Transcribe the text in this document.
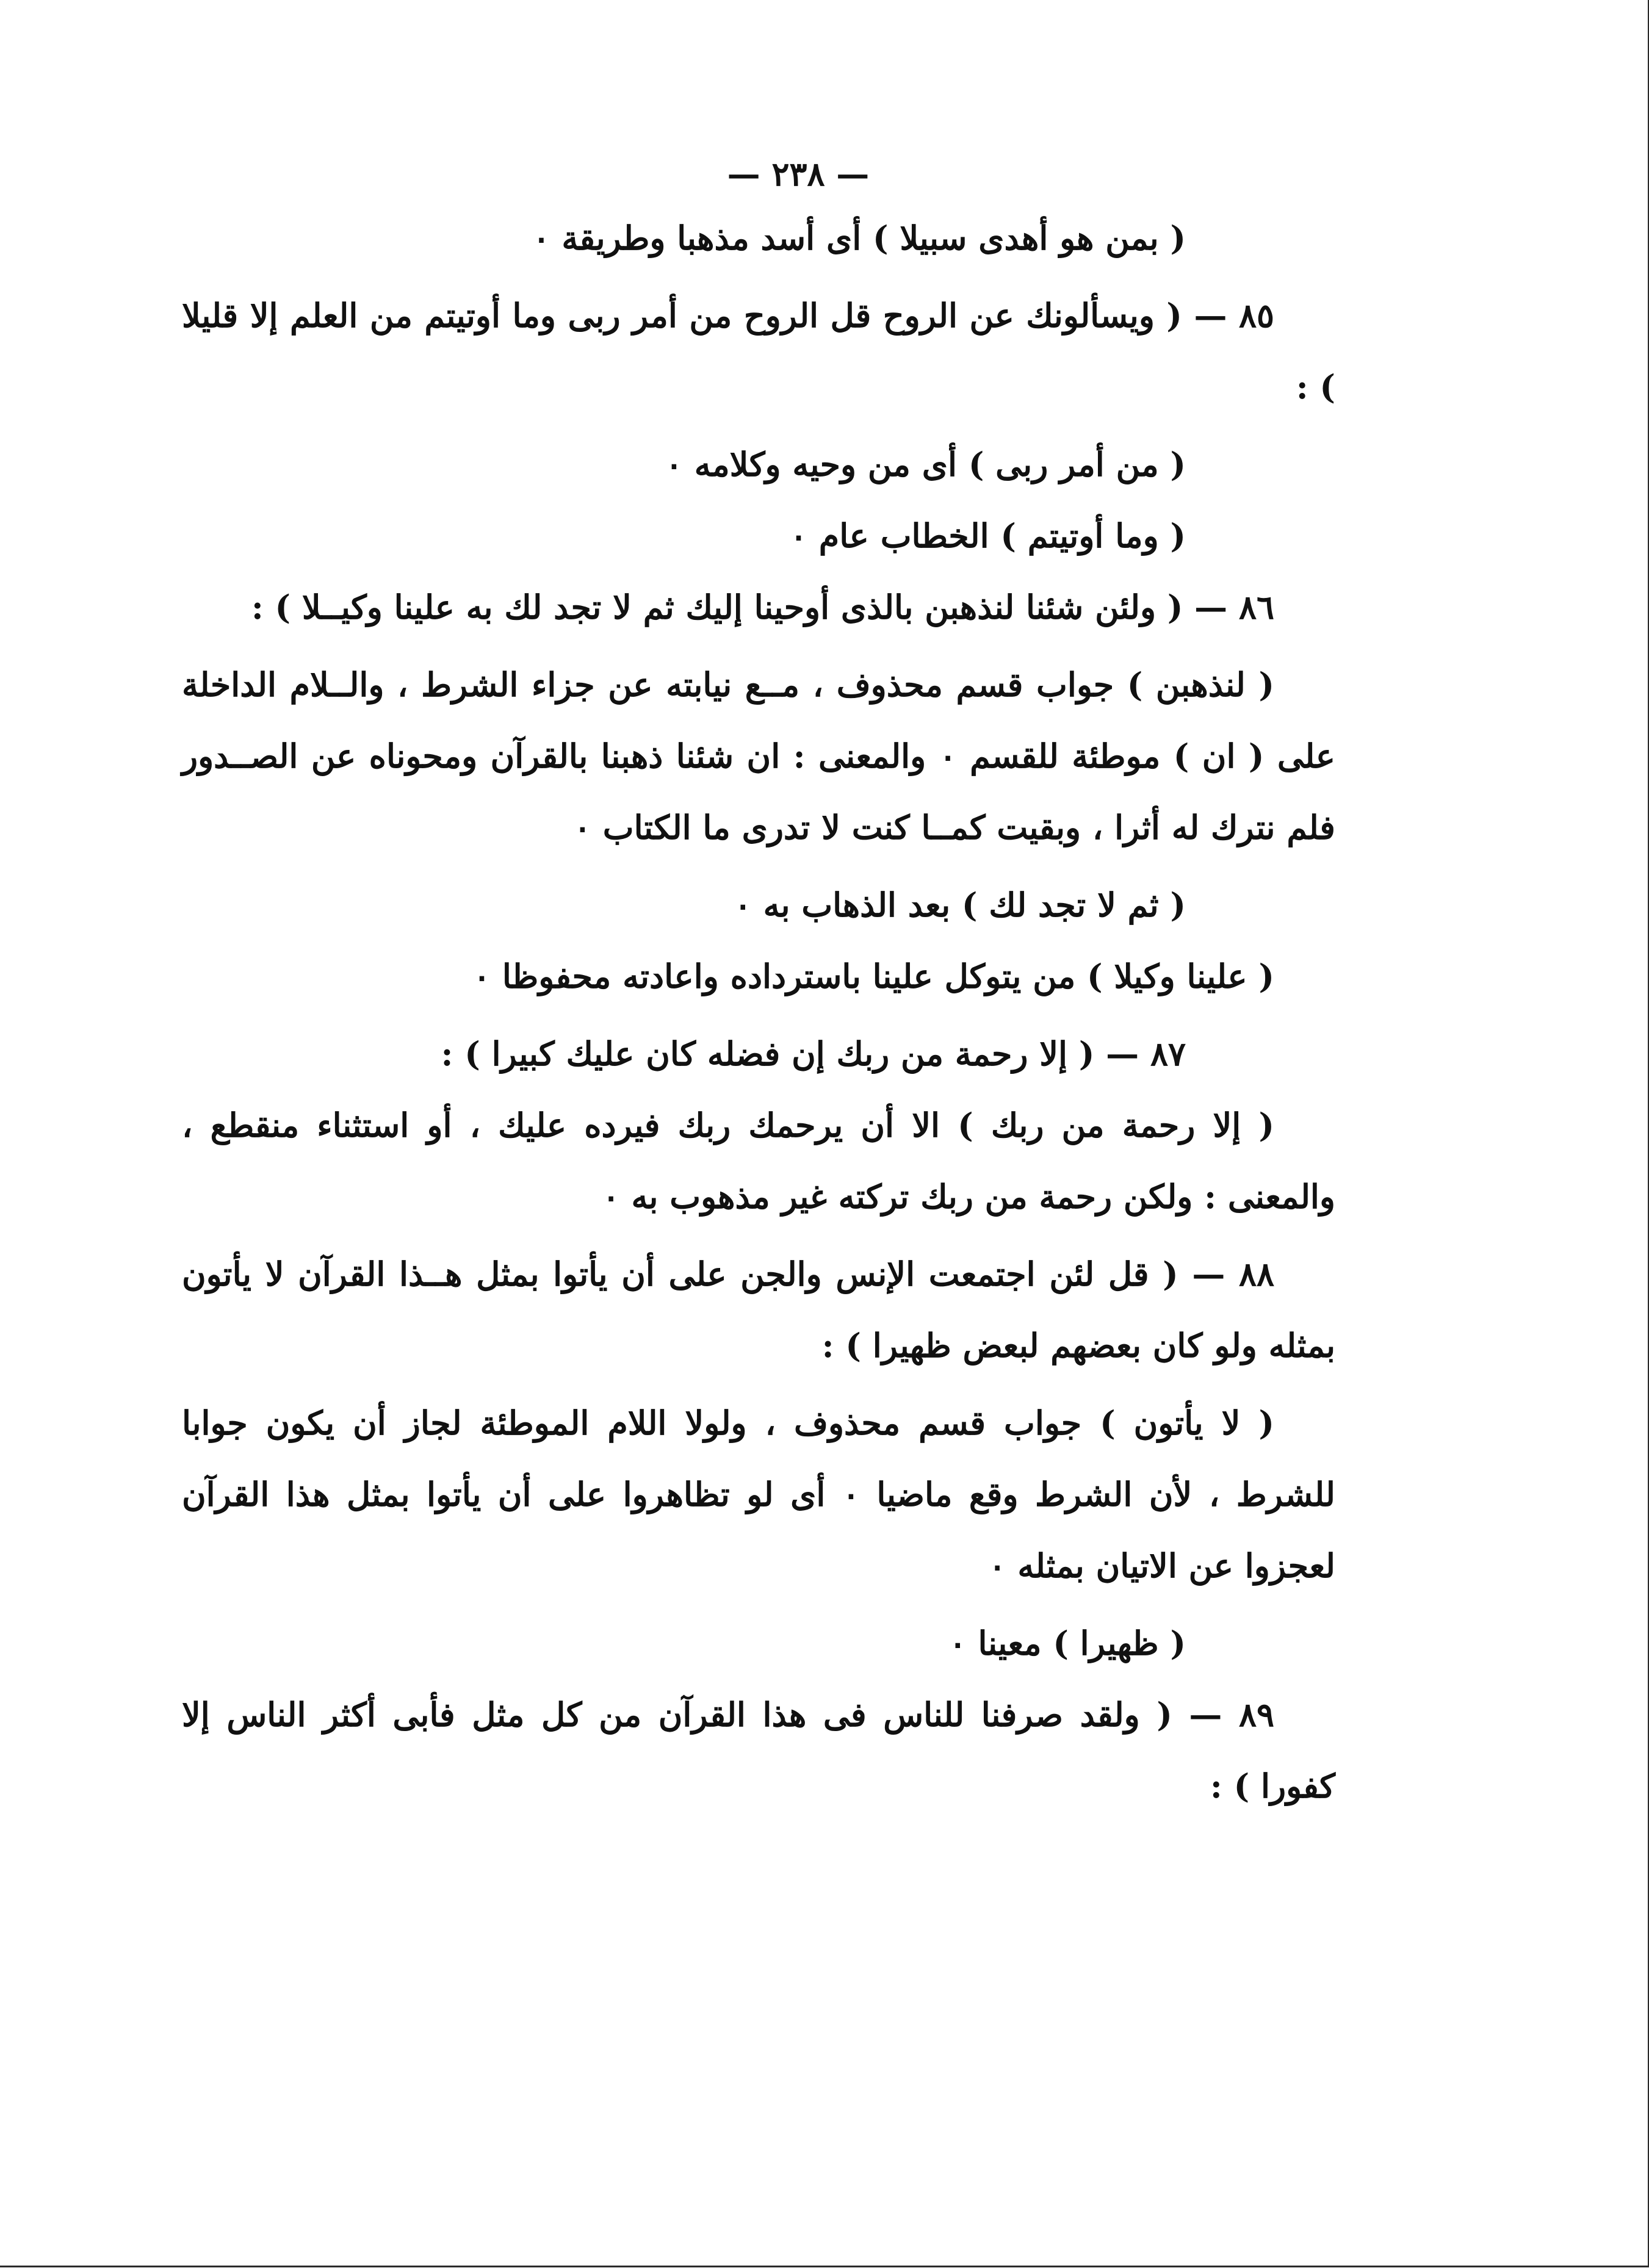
— ٢٣٨ —

( بمن هو أهدى سبيلا ) أى أسد مذهبا وطريقة ٠

٨٥ — ( ويسألونك عن الروح قل الروح من أمر ربى وما أوتيتم من العلم إلا قليلا ) :

( من أمر ربى ) أى من وحيه وكلامه ٠

( وما أوتيتم ) الخطاب عام ٠

٨٦ — ( ولئن شئنا لنذهبن بالذى أوحينا إليك ثم لا تجد لك به علينا وكيــلا ) :

( لنذهبن ) جواب قسم محذوف ، مــع نيابته عن جزاء الشرط ، والــلام الداخلة على ( ان ) موطئة للقسم ٠ والمعنى : ان شئنا ذهبنا بالقرآن ومحوناه عن الصــدور فلم نترك له أثرا ، وبقيت كمــا كنت لا تدرى ما الكتاب ٠

( ثم لا تجد لك ) بعد الذهاب به ٠

( علينا وكيلا ) من يتوكل علينا باسترداده واعادته محفوظا ٠

٨٧ — ( إلا رحمة من ربك إن فضله كان عليك كبيرا ) :

( إلا رحمة من ربك ) الا أن يرحمك ربك فيرده عليك ، أو استثناء منقطع ، والمعنى : ولكن رحمة من ربك تركته غير مذهوب به ٠

٨٨ — ( قل لئن اجتمعت الإنس والجن على أن يأتوا بمثل هــذا القرآن لا يأتون بمثله ولو كان بعضهم لبعض ظهيرا ) :

( لا يأتون ) جواب قسم محذوف ، ولولا اللام الموطئة لجاز أن يكون جوابا للشرط ، لأن الشرط وقع ماضيا ٠ أى لو تظاهروا على أن يأتوا بمثل هذا القرآن لعجزوا عن الاتيان بمثله ٠

( ظهيرا ) معينا ٠

٨٩ — ( ولقد صرفنا للناس فى هذا القرآن من كل مثل فأبى أكثر الناس إلا كفورا ) :
